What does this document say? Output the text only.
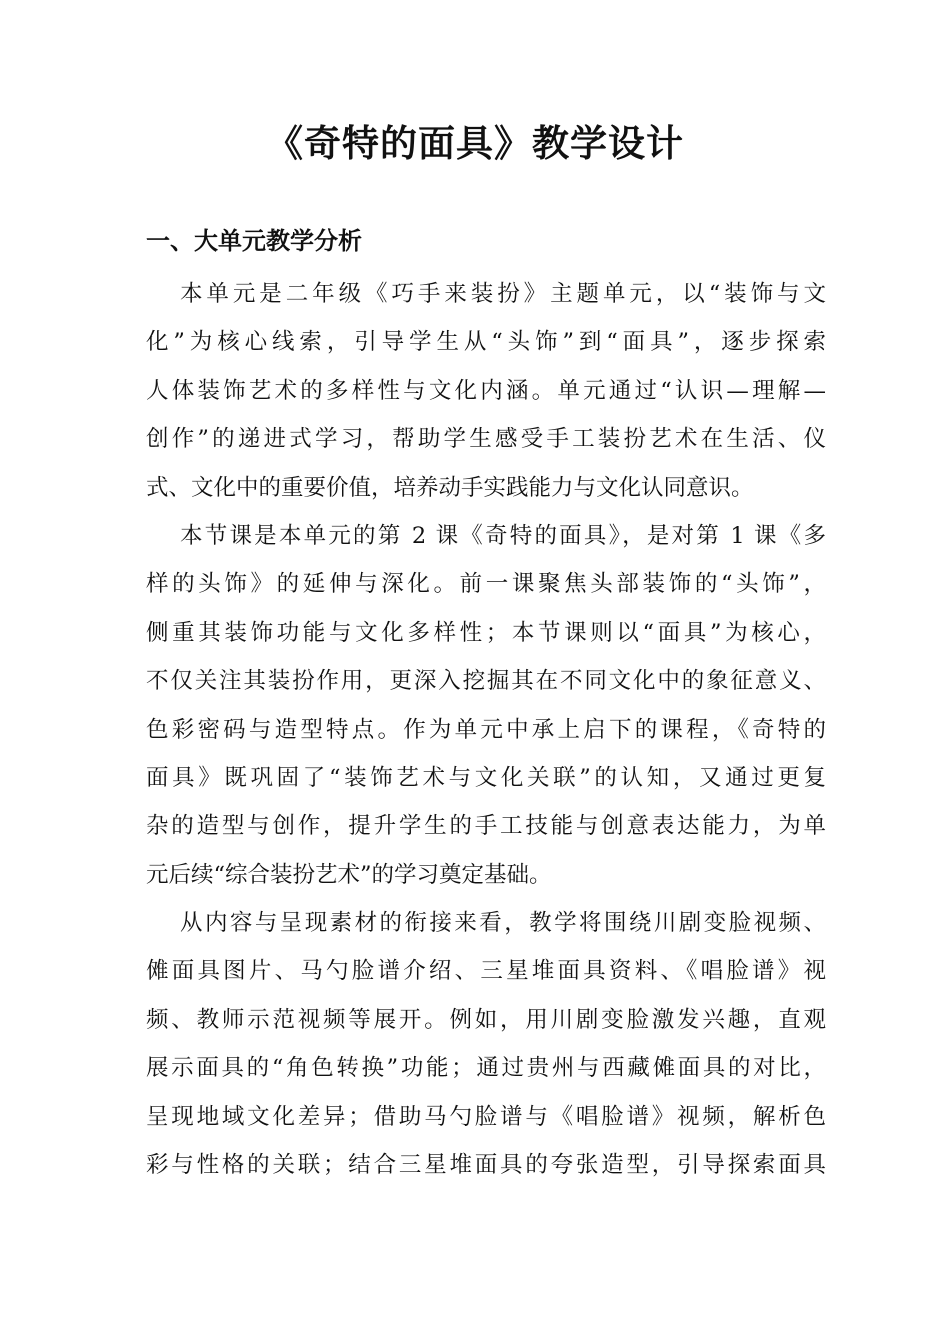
《奇特的面具》教学设计
一、大单元教学分析
本单元是二年级《巧手来装扮》主题单元，以“装饰与文
化”为核心线索，引导学生从“头饰”到“面具”，逐步探索
人体装饰艺术的多样性与文化内涵。单元通过“认识—理解—
创作”的递进式学习，帮助学生感受手工装扮艺术在生活、仪
式、文化中的重要价值，培养动手实践能力与文化认同意识。
本节课是本单元的第 2 课《奇特的面具》，是对第 1 课《多
样的头饰》的延伸与深化。前一课聚焦头部装饰的“头饰”，
侧重其装饰功能与文化多样性；本节课则以“面具”为核心，
不仅关注其装扮作用，更深入挖掘其在不同文化中的象征意义、
色彩密码与造型特点。作为单元中承上启下的课程，《奇特的
面具》既巩固了“装饰艺术与文化关联”的认知，又通过更复
杂的造型与创作，提升学生的手工技能与创意表达能力，为单
元后续“综合装扮艺术”的学习奠定基础。
从内容与呈现素材的衔接来看，教学将围绕川剧变脸视频、
傩面具图片、马勺脸谱介绍、三星堆面具资料、《唱脸谱》视
频、教师示范视频等展开。例如，用川剧变脸激发兴趣，直观
展示面具的“角色转换”功能；通过贵州与西藏傩面具的对比，
呈现地域文化差异；借助马勺脸谱与《唱脸谱》视频，解析色
彩与性格的关联；结合三星堆面具的夸张造型，引导探索面具
